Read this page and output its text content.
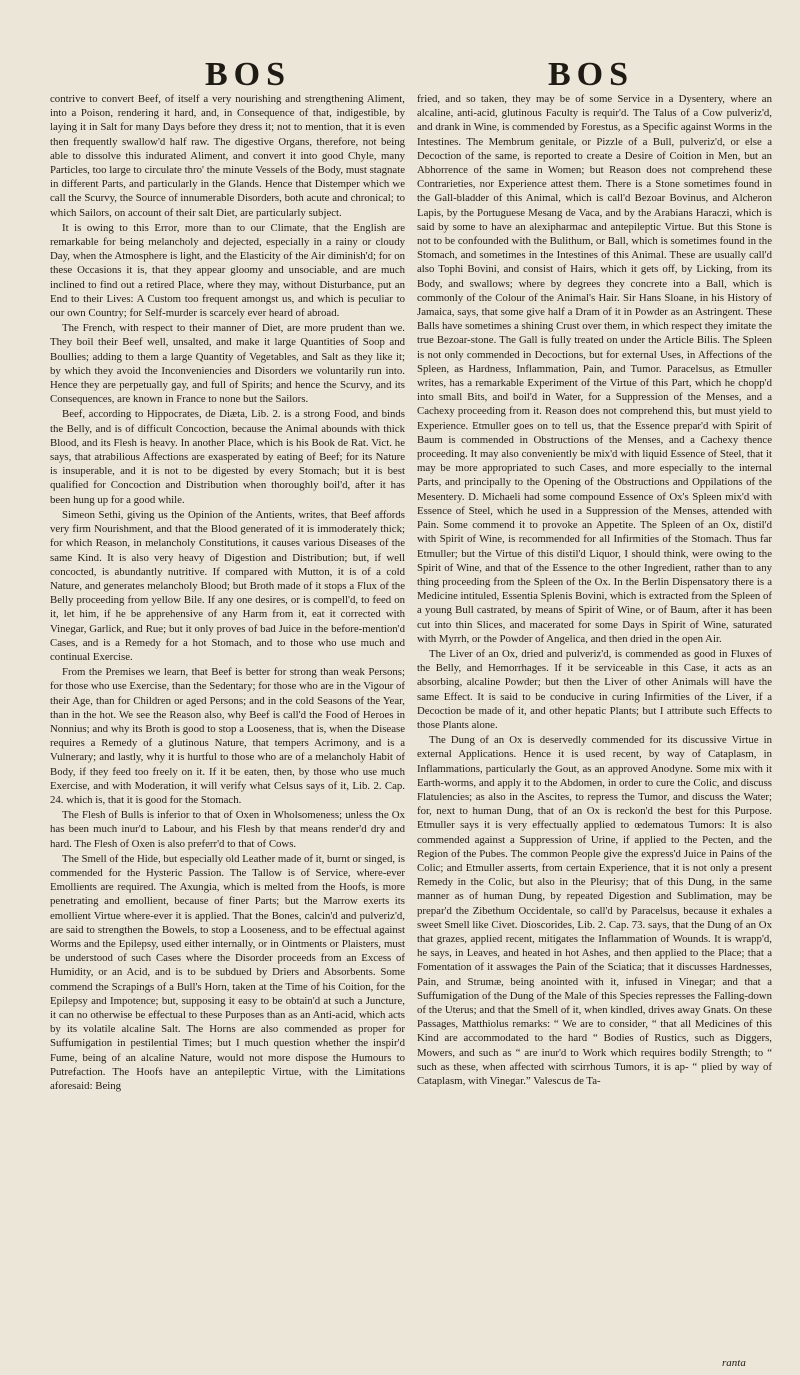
BOS	BOS

contrive to convert Beef, of itself a very nourishing and strengthening Aliment, into a Poison, rendering it hard, and, in Consequence of that, indigestible, by laying it in Salt for many Days before they dress it; not to mention, that it is even then frequently swallow'd half raw. The digestive Organs, therefore, not being able to dissolve this indurated Aliment, and convert it into good Chyle, many Particles, too large to circulate thro' the minute Vessels of the Body, must stagnate in different Parts, and particularly in the Glands. Hence that Distemper which we call the Scurvy, the Source of innumerable Disorders, both acute and chronical; to which Sailors, on account of their salt Diet, are particularly subject.

It is owing to this Error, more than to our Climate, that the English are remarkable for being melancholy and dejected, especially in a rainy or cloudy Day, when the Atmosphere is light, and the Elasticity of the Air diminish'd; for on these Occasions it is, that they appear gloomy and unsociable, and are much inclined to find out a retired Place, where they may, without Disturbance, put an End to their Lives: A Custom too frequent amongst us, and which is peculiar to our own Country; for Self-murder is scarcely ever heard of abroad.

The French, with respect to their manner of Diet, are more prudent than we. They boil their Beef well, unsalted, and make it large Quantities of Soop and Boullies; adding to them a large Quantity of Vegetables, and Salt as they like it; by which they avoid the Inconveniencies and Disorders we voluntarily run into. Hence they are perpetually gay, and full of Spirits; and hence the Scurvy, and its Consequences, are known in France to none but the Sailors.

Beef, according to Hippocrates, de Diæta, Lib. 2. is a strong Food, and binds the Belly, and is of difficult Concoction, because the Animal abounds with thick Blood, and its Flesh is heavy. In another Place, which is his Book de Rat. Vict. he says, that atrabilious Affections are exasperated by eating of Beef; for its Nature is insuperable, and it is not to be digested by every Stomach; but it is best qualified for Concoction and Distribution when thoroughly boil'd, after it has been hung up for a good while.

Simeon Sethi, giving us the Opinion of the Antients, writes, that Beef affords very firm Nourishment, and that the Blood generated of it is immoderately thick; for which Reason, in melancholy Constitutions, it causes various Diseases of the same Kind. It is also very heavy of Digestion and Distribution; but, if well concocted, is abundantly nutritive. If compared with Mutton, it is of a cold Nature, and generates melancholy Blood; but Broth made of it stops a Flux of the Belly proceeding from yellow Bile. If any one desires, or is compell'd, to feed on it, let him, if he be apprehensive of any Harm from it, eat it corrected with Vinegar, Garlick, and Rue; but it only proves of bad Juice in the before-mention'd Cases, and is a Remedy for a hot Stomach, and to those who use much and continual Exercise.

From the Premises we learn, that Beef is better for strong than weak Persons; for those who use Exercise, than the Sedentary; for those who are in the Vigour of their Age, than for Children or aged Persons; and in the cold Seasons of the Year, than in the hot. We see the Reason also, why Beef is call'd the Food of Heroes in Nonnius; and why its Broth is good to stop a Looseness, that is, when the Disease requires a Remedy of a glutinous Nature, that tempers Acrimony, and is a Vulnerary; and lastly, why it is hurtful to those who are of a melancholy Habit of Body, if they feed too freely on it. If it be eaten, then, by those who use much Exercise, and with Moderation, it will verify what Celsus says of it, Lib. 2. Cap. 24. which is, that it is good for the Stomach.

The Flesh of Bulls is inferior to that of Oxen in Wholsomeness; unless the Ox has been much inur'd to Labour, and his Flesh by that means render'd dry and hard. The Flesh of Oxen is also preferr'd to that of Cows.

The Smell of the Hide, but especially old Leather made of it, burnt or singed, is commended for the Hysteric Passion. The Tallow is of Service, where-ever Emollients are required. The Axungia, which is melted from the Hoofs, is more penetrating and emollient, because of finer Parts; but the Marrow exerts its emollient Virtue where-ever it is applied. That the Bones, calcin'd and pulveriz'd, are said to strengthen the Bowels, to stop a Looseness, and to be effectual against Worms and the Epilepsy, used either internally, or in Ointments or Plaisters, must be understood of such Cases where the Disorder proceeds from an Excess of Humidity, or an Acid, and is to be subdued by Driers and Absorbents. Some commend the Scrapings of a Bull's Horn, taken at the Time of his Coition, for the Epilepsy and Impotence; but, supposing it easy to be obtain'd at such a Juncture, it can no otherwise be effectual to these Purposes than as an Anti-acid, which acts by its volatile alcaline Salt. The Horns are also commended as proper for Suffumigation in pestilential Times; but I much question whether the inspir'd Fume, being of an alcaline Nature, would not more dispose the Humours to Putrefaction. The Hoofs have an antepileptic Virtue, with the Limitations aforesaid: Being

fried, and so taken, they may be of some Service in a Dysentery, where an alcaline, anti-acid, glutinous Faculty is requir'd. The Talus of a Cow pulveriz'd, and drank in Wine, is commended by Forestus, as a Specific against Worms in the Intestines. The Membrum genitale, or Pizzle of a Bull, pulveriz'd, or else a Decoction of the same, is reported to create a Desire of Coition in Men, but an Abhorrence of the same in Women; but Reason does not comprehend these Contrarieties, nor Experience attest them. There is a Stone sometimes found in the Gall-bladder of this Animal, which is call'd Bezoar Bovinus, and Alcheron Lapis, by the Portuguese Mesang de Vaca, and by the Arabians Haraczi, which is said by some to have an alexipharmac and antepileptic Virtue. But this Stone is not to be confounded with the Bulithum, or Ball, which is sometimes found in the Stomach, and sometimes in the Intestines of this Animal. These are usually call'd also Tophi Bovini, and consist of Hairs, which it gets off, by Licking, from its Body, and swallows; where by degrees they concrete into a Ball, which is commonly of the Colour of the Animal's Hair. Sir Hans Sloane, in his History of Jamaica, says, that some give half a Dram of it in Powder as an Astringent. These Balls have sometimes a shining Crust over them, in which respect they imitate the true Bezoar-stone. The Gall is fully treated on under the Article Bilis. The Spleen is not only commended in Decoctions, but for external Uses, in Affections of the Spleen, as Hardness, Inflammation, Pain, and Tumor. Paracelsus, as Etmuller writes, has a remarkable Experiment of the Virtue of this Part, which he chopp'd into small Bits, and boil'd in Water, for a Suppression of the Menses, and a Cachexy proceeding from it. Reason does not comprehend this, but must yield to Experience. Etmuller goes on to tell us, that the Essence prepar'd with Spirit of Baum is commended in Obstructions of the Menses, and a Cachexy thence proceeding. It may also conveniently be mix'd with liquid Essence of Steel, that it may be more appropriated to such Cases, and more especially to the internal Parts, and principally to the Opening of the Obstructions and Oppilations of the Mesentery. D. Michaeli had some compound Essence of Ox's Spleen mix'd with Essence of Steel, which he used in a Suppression of the Menses, attended with Pain. Some commend it to provoke an Appetite. The Spleen of an Ox, distil'd with Spirit of Wine, is recommended for all Infirmities of the Stomach. Thus far Etmuller; but the Virtue of this distil'd Liquor, I should think, were owing to the Spirit of Wine, and that of the Essence to the other Ingredient, rather than to any thing proceeding from the Spleen of the Ox. In the Berlin Dispensatory there is a Medicine intituled, Essentia Splenis Bovini, which is extracted from the Spleen of a young Bull castrated, by means of Spirit of Wine, or of Baum, after it has been cut into thin Slices, and macerated for some Days in Spirit of Wine, saturated with Myrrh, or the Powder of Angelica, and then dried in the open Air.

The Liver of an Ox, dried and pulveriz'd, is commended as good in Fluxes of the Belly, and Hemorrhages. If it be serviceable in this Case, it acts as an absorbing, alcaline Powder; but then the Liver of other Animals will have the same Effect. It is said to be conducive in curing Infirmities of the Liver, if a Decoction be made of it, and other hepatic Plants; but I attribute such Effects to those Plants alone.

The Dung of an Ox is deservedly commended for its discussive Virtue in external Applications. Hence it is used recent, by way of Cataplasm, in Inflammations, particularly the Gout, as an approved Anodyne. Some mix with it Earth-worms, and apply it to the Abdomen, in order to cure the Colic, and discuss Flatulencies; as also in the Ascites, to repress the Tumor, and discuss the Water; for, next to human Dung, that of an Ox is reckon'd the best for this Purpose. Etmuller says it is very effectually applied to œdematous Tumors: It is also commended against a Suppression of Urine, if applied to the Pecten, and the Region of the Pubes. The common People give the express'd Juice in Pains of the Colic; and Etmuller asserts, from certain Experience, that it is not only a present Remedy in the Colic, but also in the Pleurisy; that of this Dung, in the same manner as of human Dung, by repeated Digestion and Sublimation, may be prepar'd the Zibethum Occidentale, so call'd by Paracelsus, because it exhales a sweet Smell like Civet. Dioscorides, Lib. 2. Cap. 73. says, that the Dung of an Ox that grazes, applied recent, mitigates the Inflammation of Wounds. It is wrapp'd, he says, in Leaves, and heated in hot Ashes, and then applied to the Place; that a Fomentation of it asswages the Pain of the Sciatica; that it discusses Hardnesses, Pain, and Strumæ, being anointed with it, infused in Vinegar; and that a Suffumigation of the Dung of the Male of this Species represses the Falling-down of the Uterus; and that the Smell of it, when kindled, drives away Gnats. On these Passages, Matthiolus remarks: “ We are to consider, “ that all Medicines of this Kind are accommodated to the hard “ Bodies of Rustics, such as Diggers, Mowers, and such as “ are inur'd to Work which requires bodily Strength; to “ such as these, when affected with scirrhous Tumors, it is ap- “ plied by way of Cataplasm, with Vinegar.” Valescus de Ta-

ranta
